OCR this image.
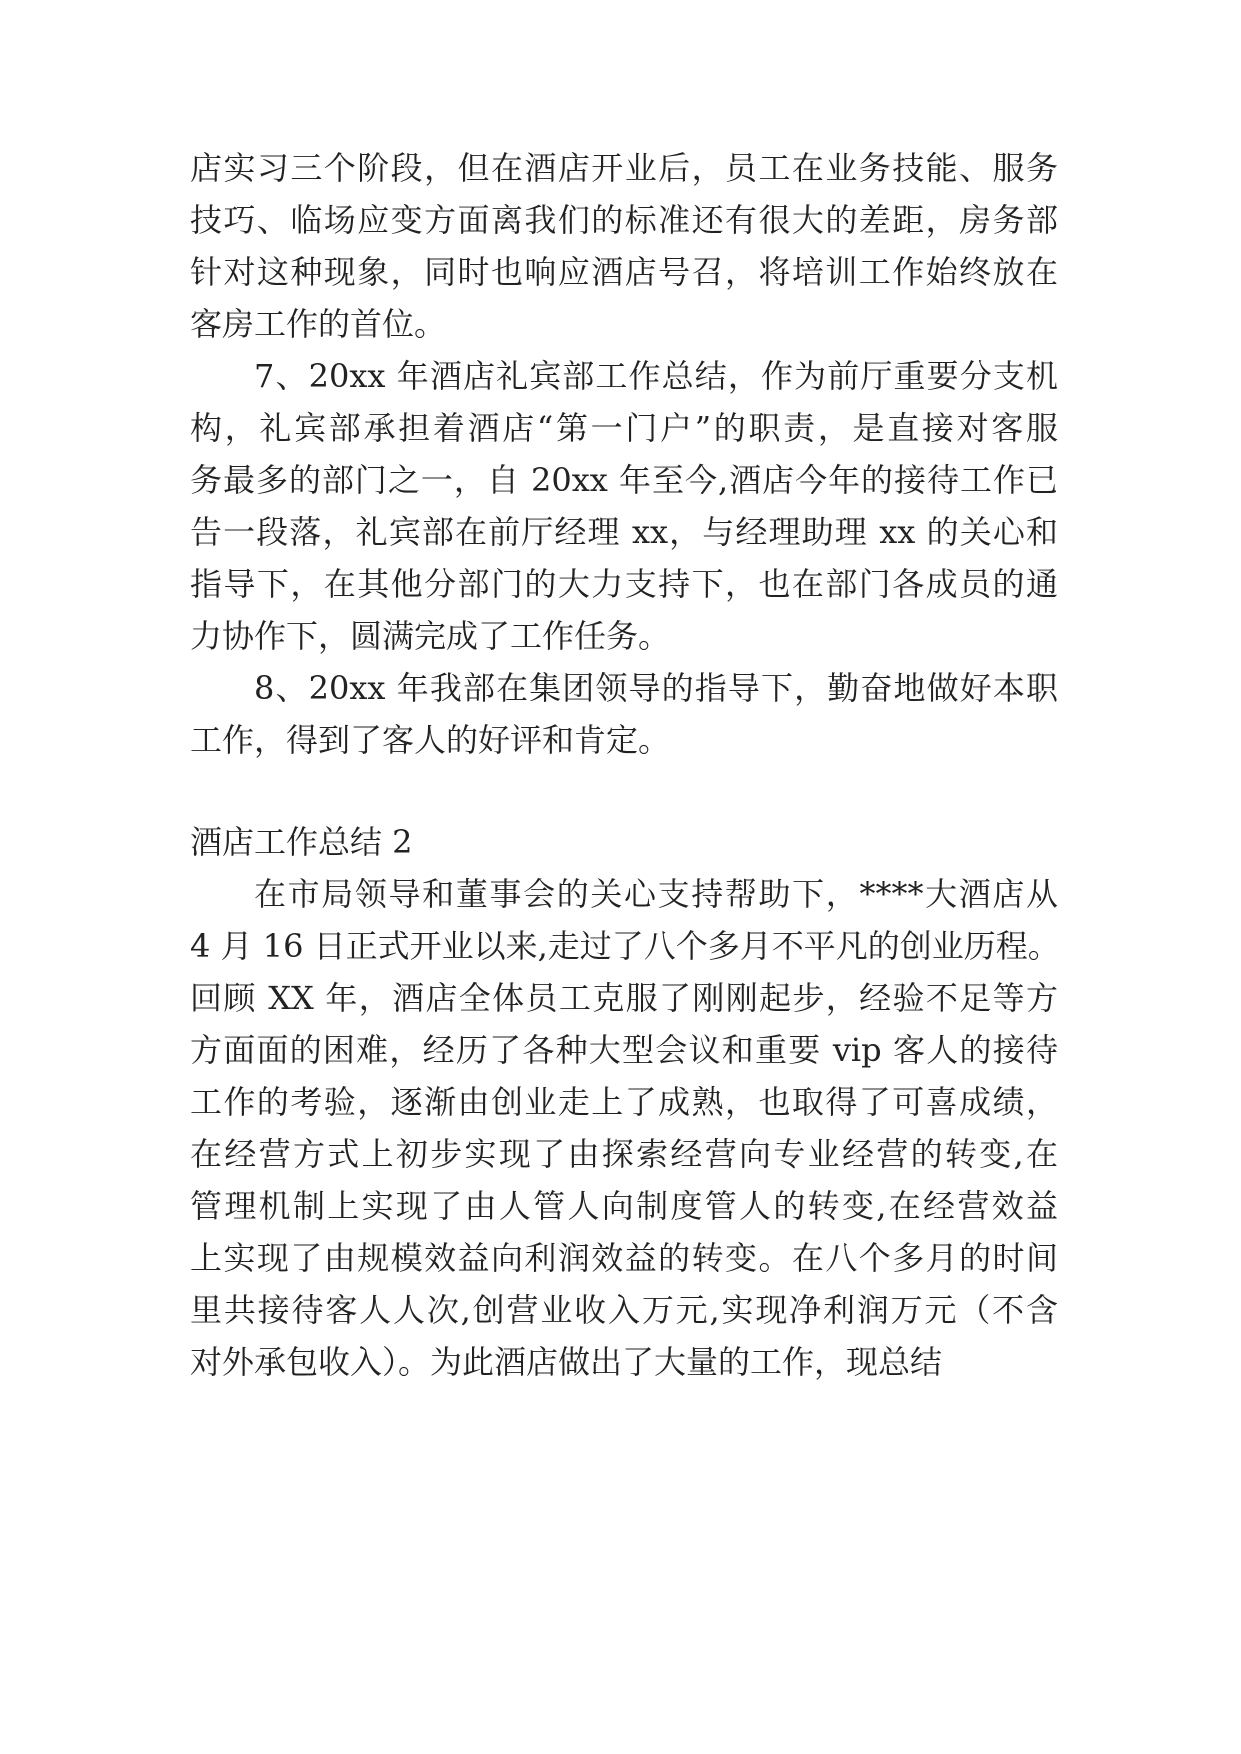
店实习三个阶段，但在酒店开业后，员工在业务技能、服务
技巧、临场应变方面离我们的标准还有很大的差距，房务部
针对这种现象，同时也响应酒店号召，将培训工作始终放在
客房工作的首位。
7、20xx 年酒店礼宾部工作总结，作为前厅重要分支机
构，礼宾部承担着酒店“第一门户”的职责，是直接对客服
务最多的部门之一，自 20xx 年至今,酒店今年的接待工作已
告一段落，礼宾部在前厅经理 xx，与经理助理 xx 的关心和
指导下，在其他分部门的大力支持下，也在部门各成员的通
力协作下，圆满完成了工作任务。
8、20xx 年我部在集团领导的指导下，勤奋地做好本职
工作，得到了客人的好评和肯定。
酒店工作总结 2
在市局领导和董事会的关心支持帮助下，****大酒店从
4 月 16 日正式开业以来,走过了八个多月不平凡的创业历程。
回顾 XX 年，酒店全体员工克服了刚刚起步，经验不足等方
方面面的困难，经历了各种大型会议和重要 vip 客人的接待
工作的考验，逐渐由创业走上了成熟，也取得了可喜成绩，
在经营方式上初步实现了由探索经营向专业经营的转变,在
管理机制上实现了由人管人向制度管人的转变,在经营效益
上实现了由规模效益向利润效益的转变。在八个多月的时间
里共接待客人人次,创营业收入万元,实现净利润万元（不含
对外承包收入）。为此酒店做出了大量的工作，现总结
